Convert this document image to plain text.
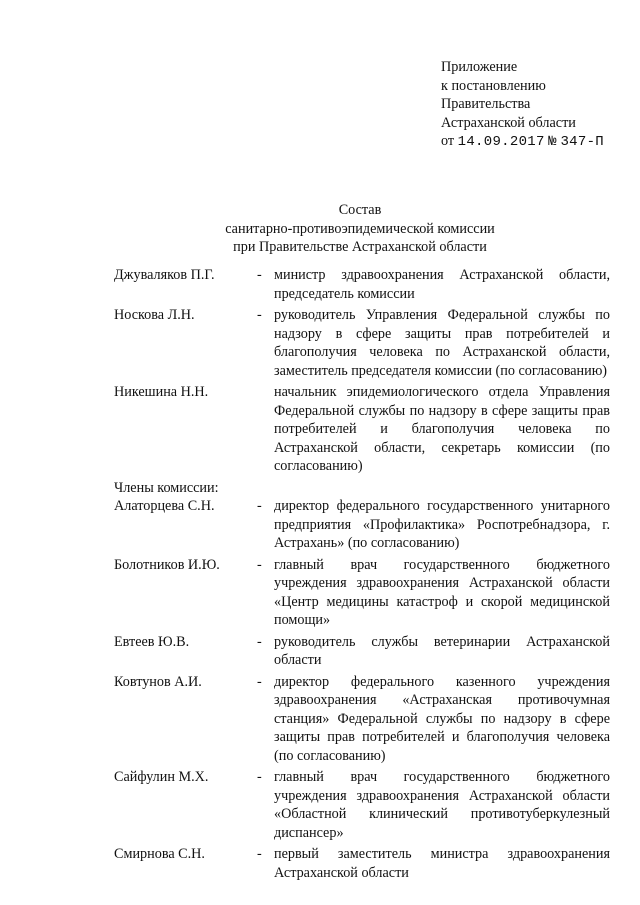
Приложение
к постановлению
Правительства
Астраханской области
от 14.09.2017 № 347-П
Состав
санитарно-противоэпидемической комиссии
при Правительстве Астраханской области
Джуваляков П.Г.	- министр здравоохранения Астраханской области, председатель комиссии
Носкова Л.Н.	- руководитель Управления Федеральной службы по надзору в сфере защиты прав потребителей и благополучия человека по Астраханской области, заместитель председателя комиссии (по согласованию)
Никешина Н.Н.	начальник эпидемиологического отдела Управления Федеральной службы по надзору в сфере защиты прав потребителей и благополучия человека по Астраханской области, секретарь комиссии (по согласованию)
Члены комиссии:
Алаторцева С.Н.	- директор федерального государственного унитарного предприятия «Профилактика» Роспотребнадзора, г. Астрахань» (по согласованию)
Болотников И.Ю.	- главный врач государственного бюджетного учреждения здравоохранения Астраханской области «Центр медицины катастроф и скорой медицинской помощи»
Евтеев Ю.В.	- руководитель службы ветеринарии Астраханской области
Ковтунов А.И.	- директор федерального казенного учреждения здравоохранения «Астраханская противочумная станция» Федеральной службы по надзору в сфере защиты прав потребителей и благополучия человека (по согласованию)
Сайфулин М.Х.	- главный врач государственного бюджетного учреждения здравоохранения Астраханской области «Областной клинический противотуберкулезный диспансер»
Смирнова С.Н.	- первый заместитель министра здравоохранения Астраханской области
